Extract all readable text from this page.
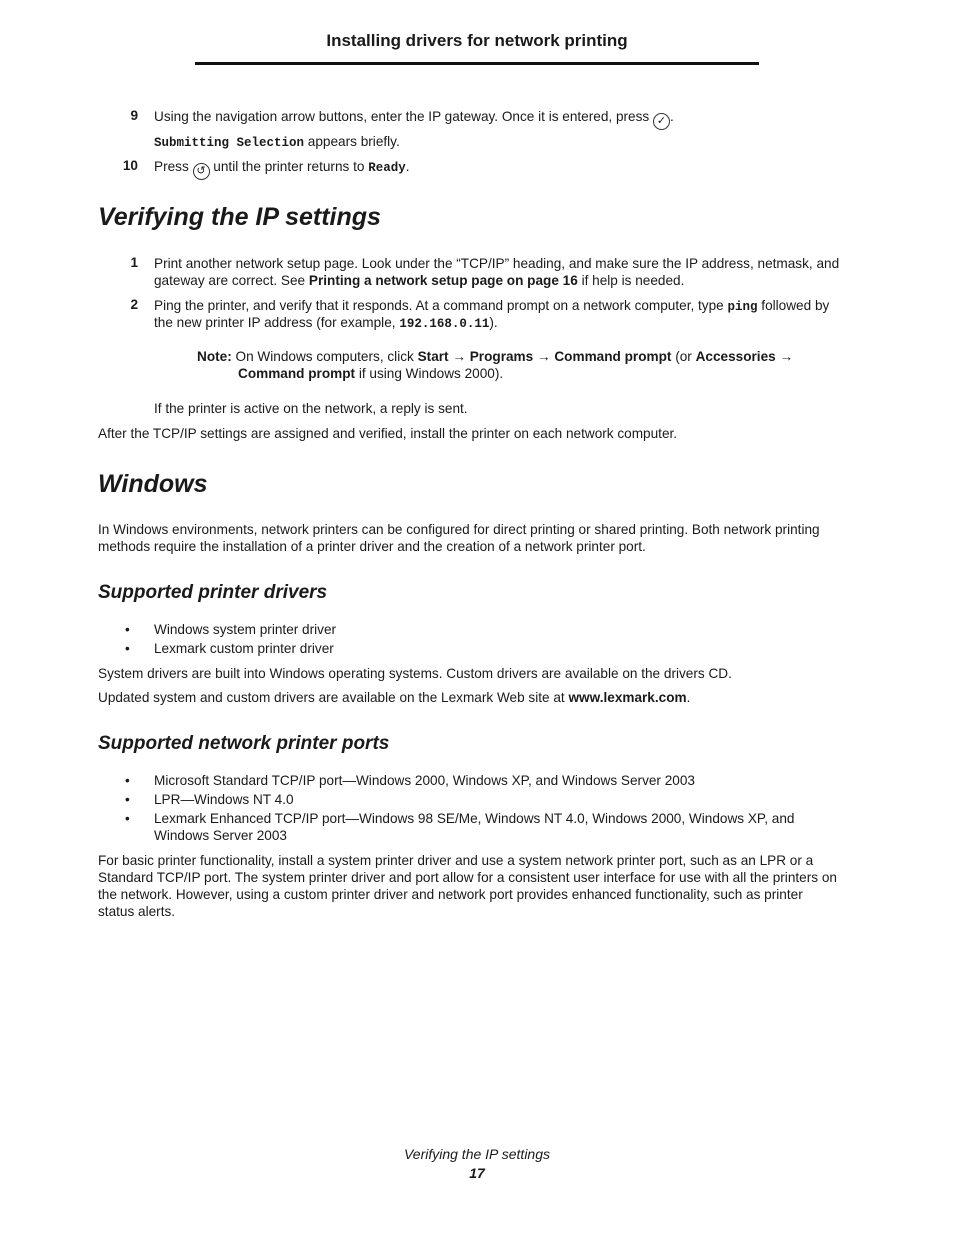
Installing drivers for network printing
9 Using the navigation arrow buttons, enter the IP gateway. Once it is entered, press ✓ .
Submitting Selection appears briefly.
10 Press ↺ until the printer returns to Ready.
Verifying the IP settings
1 Print another network setup page. Look under the “TCP/IP” heading, and make sure the IP address, netmask, and
gateway are correct. See Printing a network setup page on page 16 if help is needed.
2 Ping the printer, and verify that it responds. At a command prompt on a network computer, type ping followed by
the new printer IP address (for example, 192.168.0.11).
Note: On Windows computers, click Start → Programs → Command prompt (or Accessories →
Command prompt if using Windows 2000).
If the printer is active on the network, a reply is sent.
After the TCP/IP settings are assigned and verified, install the printer on each network computer.
Windows
In Windows environments, network printers can be configured for direct printing or shared printing. Both network printing
methods require the installation of a printer driver and the creation of a network printer port.
Supported printer drivers
• Windows system printer driver
• Lexmark custom printer driver
System drivers are built into Windows operating systems. Custom drivers are available on the drivers CD.
Updated system and custom drivers are available on the Lexmark Web site at www.lexmark.com.
Supported network printer ports
• Microsoft Standard TCP/IP port—Windows 2000, Windows XP, and Windows Server 2003
• LPR—Windows NT 4.0
• Lexmark Enhanced TCP/IP port—Windows 98 SE/Me, Windows NT 4.0, Windows 2000, Windows XP, and
Windows Server 2003
For basic printer functionality, install a system printer driver and use a system network printer port, such as an LPR or a
Standard TCP/IP port. The system printer driver and port allow for a consistent user interface for use with all the printers on
the network. However, using a custom printer driver and network port provides enhanced functionality, such as printer
status alerts.
Verifying the IP settings
17
